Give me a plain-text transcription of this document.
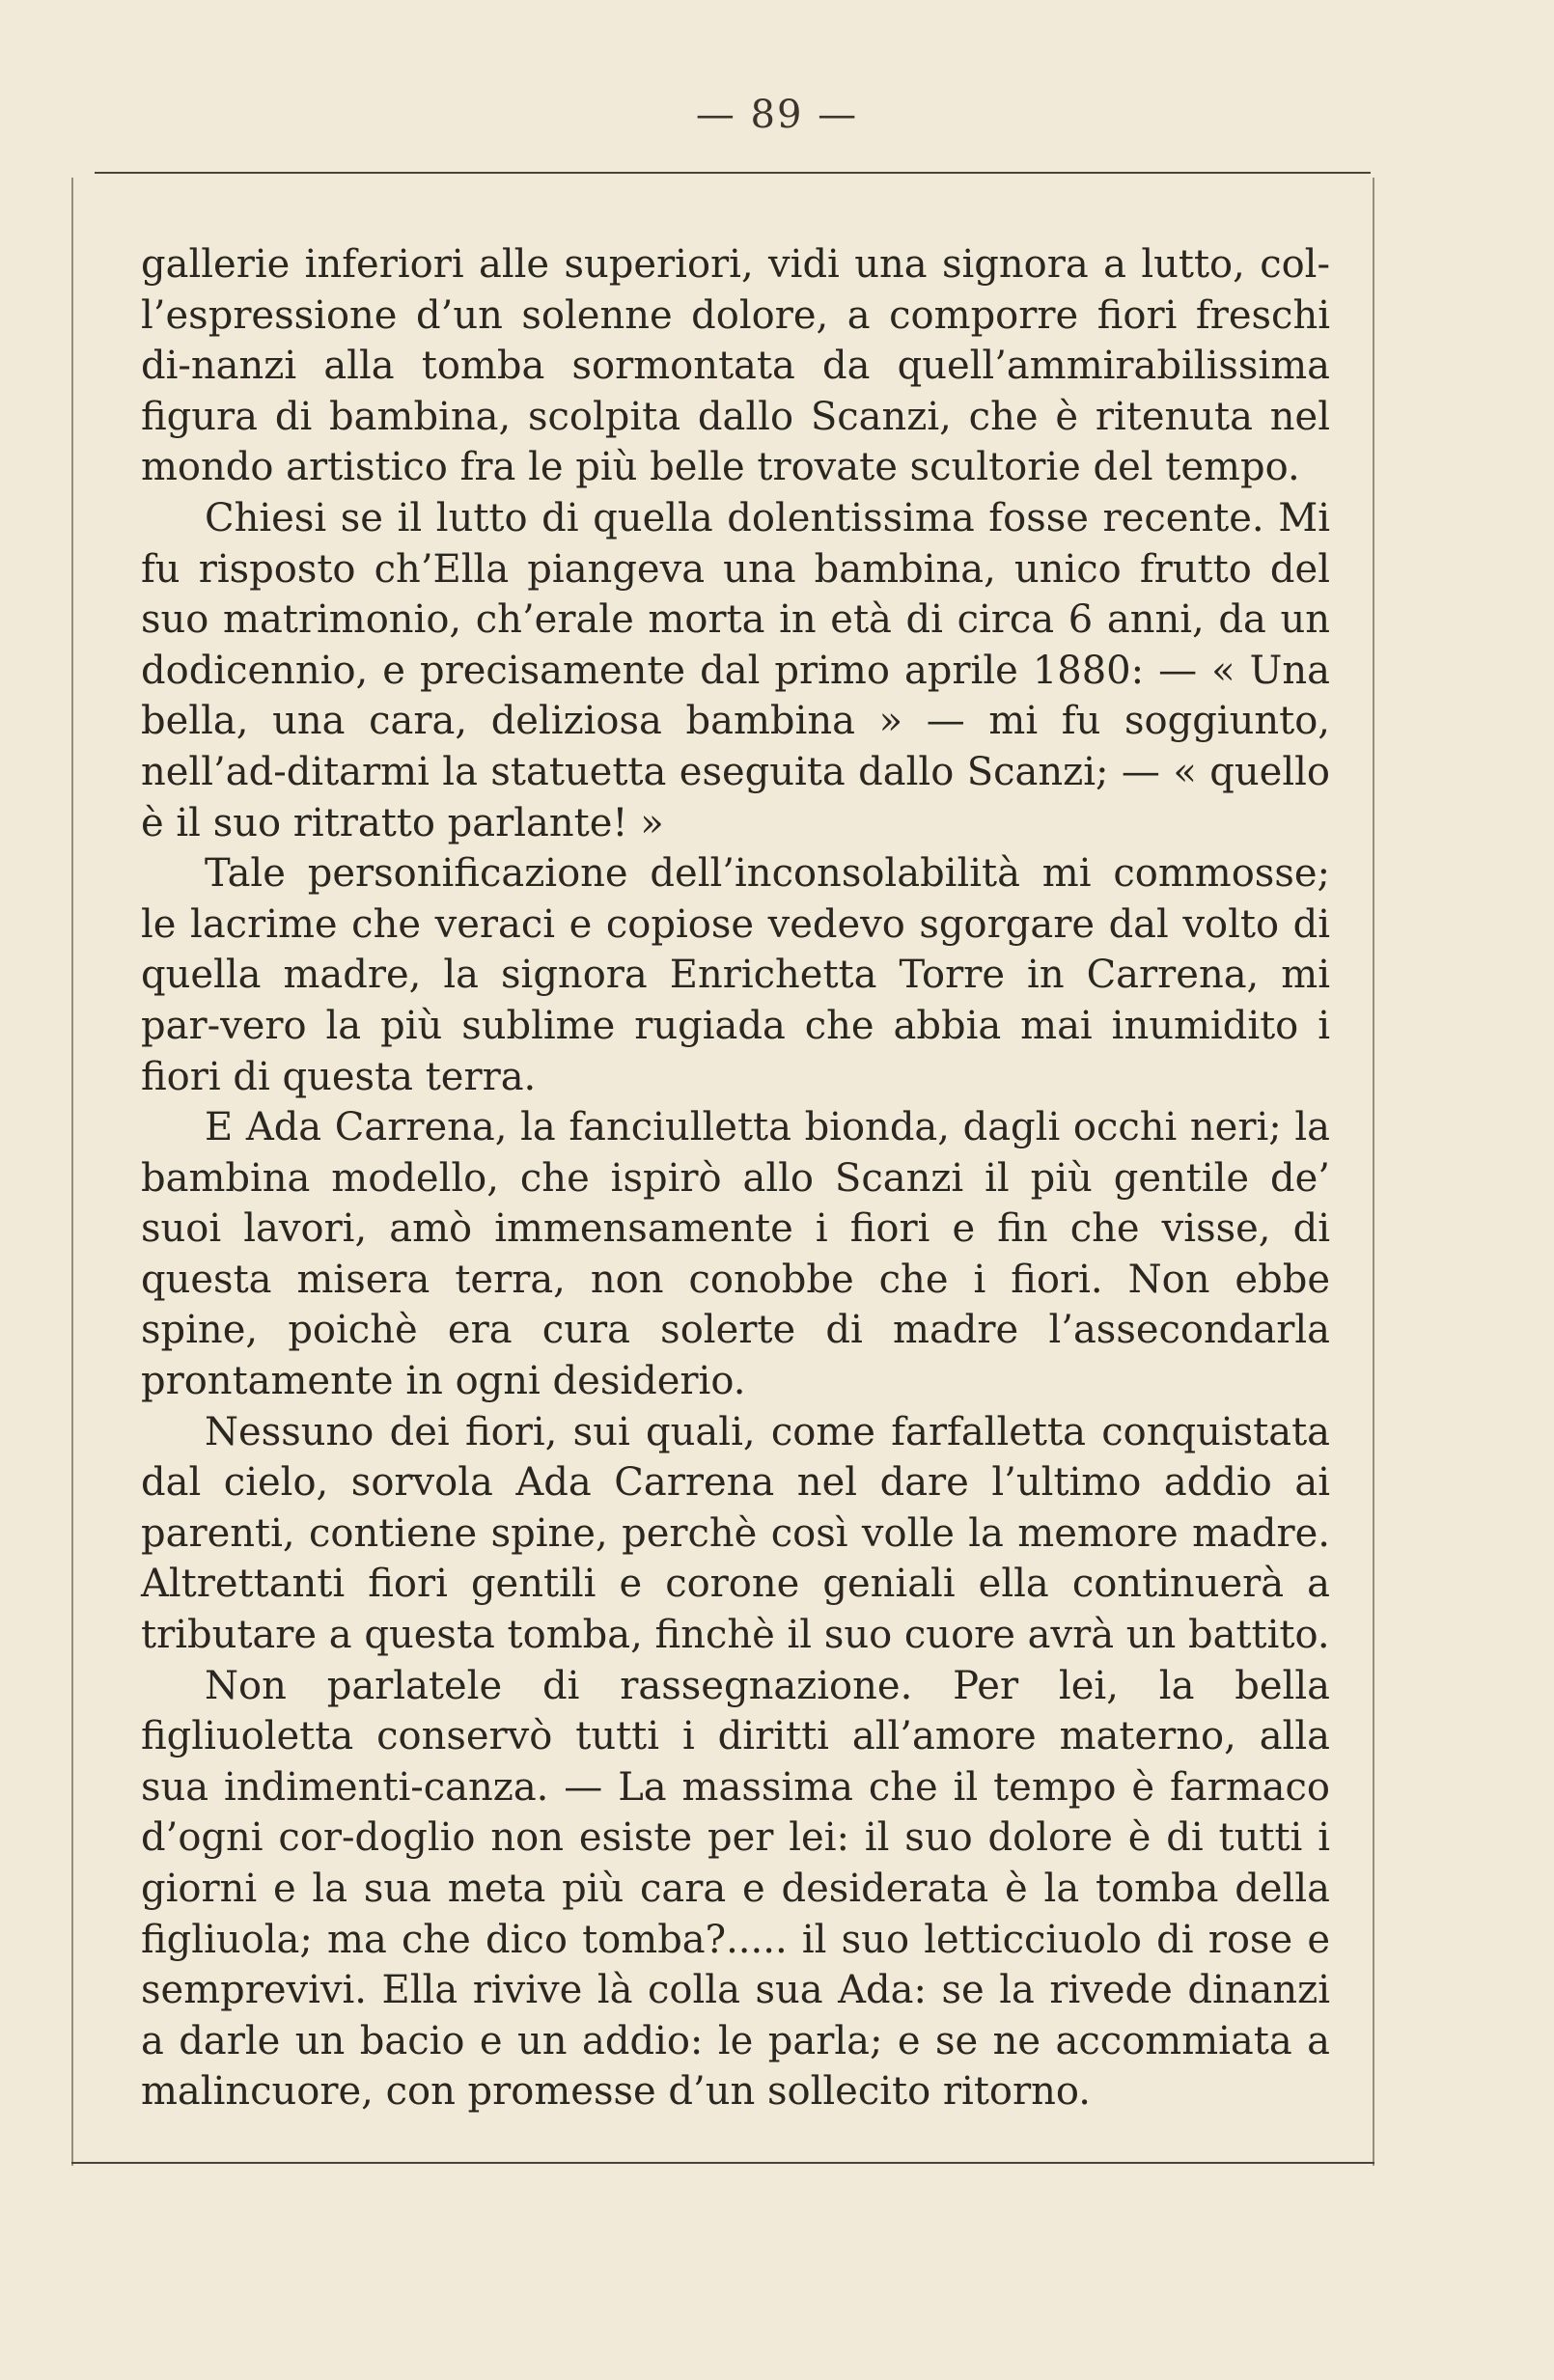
— 89 —

gallerie inferiori alle superiori, vidi una signora a lutto, col-l’espressione d’un solenne dolore, a comporre fiori freschi di-nanzi alla tomba sormontata da quell’ammirabilissima figura di bambina, scolpita dallo Scanzi, che è ritenuta nel mondo artistico fra le più belle trovate scultorie del tempo.

Chiesi se il lutto di quella dolentissima fosse recente. Mi fu risposto ch’Ella piangeva una bambina, unico frutto del suo matrimonio, ch’erale morta in età di circa 6 anni, da un dodicennio, e precisamente dal primo aprile 1880: — « Una bella, una cara, deliziosa bambina » — mi fu soggiunto, nell’ad-ditarmi la statuetta eseguita dallo Scanzi; — « quello è il suo ritratto parlante! »

Tale personificazione dell’inconsolabilità mi commosse; le lacrime che veraci e copiose vedevo sgorgare dal volto di quella madre, la signora Enrichetta Torre in Carrena, mi par-vero la più sublime rugiada che abbia mai inumidito i fiori di questa terra.

E Ada Carrena, la fanciulletta bionda, dagli occhi neri; la bambina modello, che ispirò allo Scanzi il più gentile de’ suoi lavori, amò immensamente i fiori e fin che visse, di questa misera terra, non conobbe che i fiori. Non ebbe spine, poichè era cura solerte di madre l’assecondarla prontamente in ogni desiderio.

Nessuno dei fiori, sui quali, come farfalletta conquistata dal cielo, sorvola Ada Carrena nel dare l’ultimo addio ai parenti, contiene spine, perchè così volle la memore madre. Altrettanti fiori gentili e corone geniali ella continuerà a tributare a questa tomba, finchè il suo cuore avrà un battito.

Non parlatele di rassegnazione. Per lei, la bella figliuoletta conservò tutti i diritti all’amore materno, alla sua indimenti-canza. — La massima che il tempo è farmaco d’ogni cor-doglio non esiste per lei: il suo dolore è di tutti i giorni e la sua meta più cara e desiderata è la tomba della figliuola; ma che dico tomba?..... il suo letticciuolo di rose e semprevivi. Ella rivive là colla sua Ada: se la rivede dinanzi a darle un bacio e un addio: le parla; e se ne accommiata a malincuore, con promesse d’un sollecito ritorno.
